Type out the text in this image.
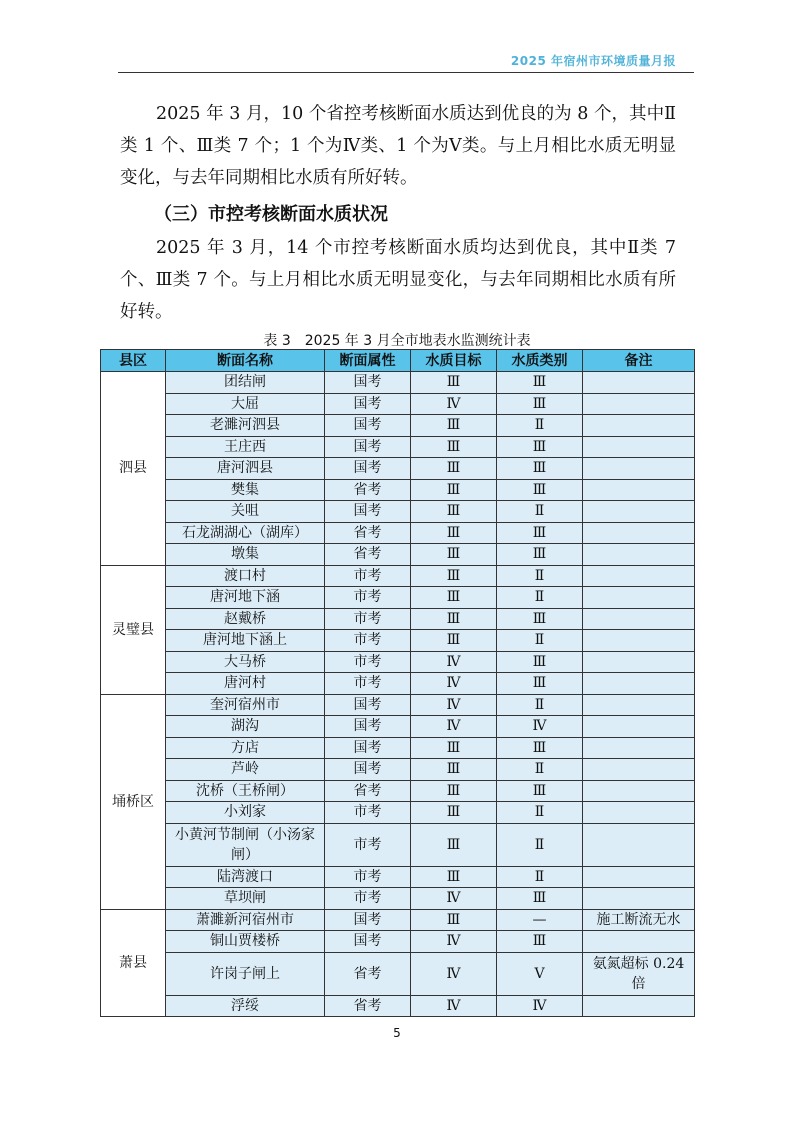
2025 年宿州市环境质量月报

2025 年 3 月，10 个省控考核断面水质达到优良的为 8 个，其中Ⅱ类 1 个、Ⅲ类 7 个；1 个为Ⅳ类、1 个为Ⅴ类。与上月相比水质无明显变化，与去年同期相比水质有所好转。

（三）市控考核断面水质状况

2025 年 3 月，14 个市控考核断面水质均达到优良，其中Ⅱ类 7 个、Ⅲ类 7 个。与上月相比水质无明显变化，与去年同期相比水质有所好转。

表 3　2025 年 3 月全市地表水监测统计表
县区	断面名称	断面属性	水质目标	水质类别	备注
泗县	团结闸	国考	Ⅲ	Ⅲ	
	大屈	国考	Ⅳ	Ⅲ	
	老濉河泗县	国考	Ⅲ	Ⅱ	
	王庄西	国考	Ⅲ	Ⅲ	
	唐河泗县	国考	Ⅲ	Ⅲ	
	樊集	省考	Ⅲ	Ⅲ	
	关咀	国考	Ⅲ	Ⅱ	
	石龙湖湖心（湖库）	省考	Ⅲ	Ⅲ	
	墩集	省考	Ⅲ	Ⅲ	
灵璧县	渡口村	市考	Ⅲ	Ⅱ	
	唐河地下涵	市考	Ⅲ	Ⅱ	
	赵戴桥	市考	Ⅲ	Ⅲ	
	唐河地下涵上	市考	Ⅲ	Ⅱ	
	大马桥	市考	Ⅳ	Ⅲ	
	唐河村	市考	Ⅳ	Ⅲ	
埇桥区	奎河宿州市	国考	Ⅳ	Ⅱ	
	湖沟	国考	Ⅳ	Ⅳ	
	方店	国考	Ⅲ	Ⅲ	
	芦岭	国考	Ⅲ	Ⅱ	
	沈桥（王桥闸）	省考	Ⅲ	Ⅲ	
	小刘家	市考	Ⅲ	Ⅱ	
	小黄河节制闸（小汤家闸）	市考	Ⅲ	Ⅱ	
	陆湾渡口	市考	Ⅲ	Ⅱ	
	草坝闸	市考	Ⅳ	Ⅲ	
萧县	萧濉新河宿州市	国考	Ⅲ	—	施工断流无水
	铜山贾楼桥	国考	Ⅳ	Ⅲ	
	许岗子闸上	省考	Ⅳ	Ⅴ	氨氮超标 0.24 倍
	浮绥	省考	Ⅳ	Ⅳ	
5
